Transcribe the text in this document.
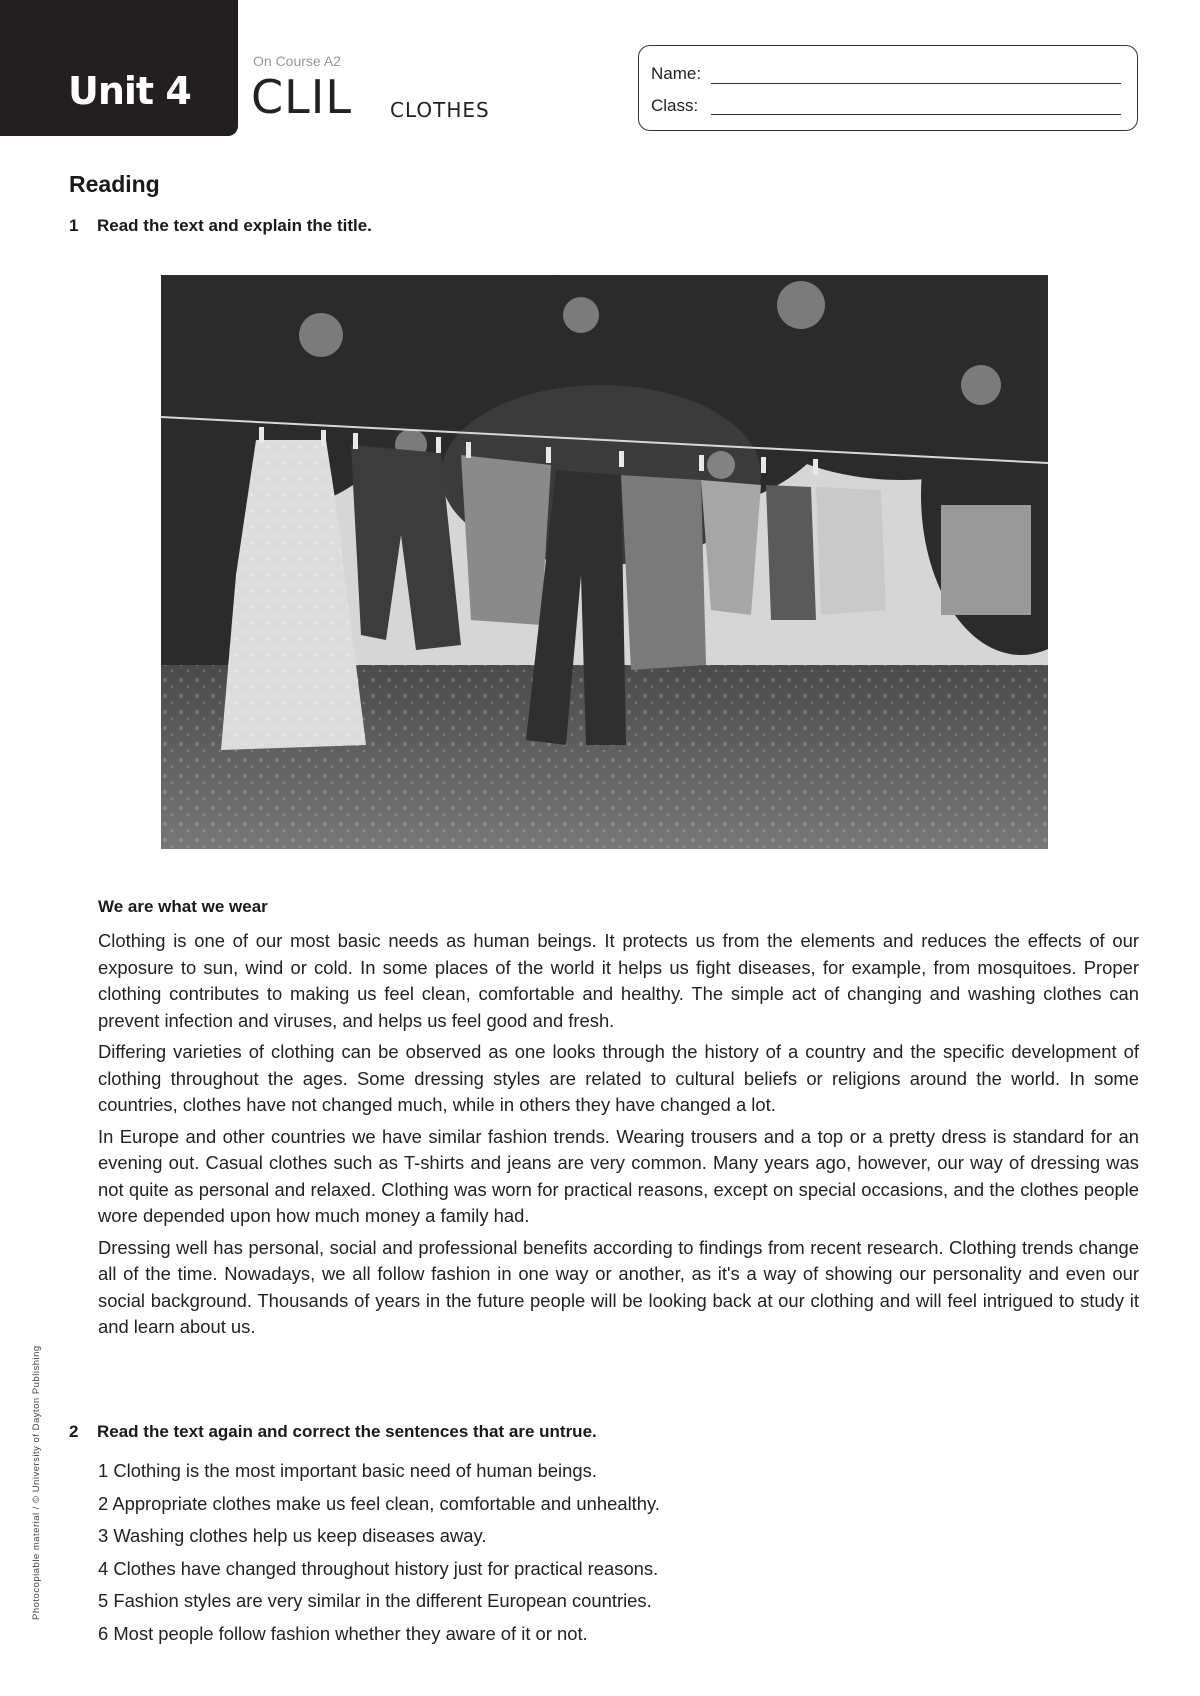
Unit 4
On Course A2
CLIL CLOTHES
Name:
Class:
Reading
1 Read the text and explain the title.
We are what we wear

Clothing is one of our most basic needs as human beings. It protects us from the elements and reduces the effects of our exposure to sun, wind or cold. In some places of the world it helps us fight diseases, for example, from mosquitoes. Proper clothing contributes to making us feel clean, comfortable and healthy. The simple act of changing and washing clothes can prevent infection and viruses, and helps us feel good and fresh.

Differing varieties of clothing can be observed as one looks through the history of a country and the specific development of clothing throughout the ages. Some dressing styles are related to cultural beliefs or religions around the world. In some countries, clothes have not changed much, while in others they have changed a lot.

In Europe and other countries we have similar fashion trends. Wearing trousers and a top or a pretty dress is standard for an evening out. Casual clothes such as T-shirts and jeans are very common. Many years ago, however, our way of dressing was not quite as personal and relaxed. Clothing was worn for practical reasons, except on special occasions, and the clothes people wore depended upon how much money a family had.

Dressing well has personal, social and professional benefits according to findings from recent research. Clothing trends change all of the time. Nowadays, we all follow fashion in one way or another, as it's a way of showing our personality and even our social background. Thousands of years in the future people will be looking back at our clothing and will feel intrigued to study it and learn about us.

2 Read the text again and correct the sentences that are untrue.
1 Clothing is the most important basic need of human beings.
2 Appropriate clothes make us feel clean, comfortable and unhealthy.
3 Washing clothes help us keep diseases away.
4 Clothes have changed throughout history just for practical reasons.
5 Fashion styles are very similar in the different European countries.
6 Most people follow fashion whether they aware of it or not.
Photocopiable material / © University of Dayton Publishing
